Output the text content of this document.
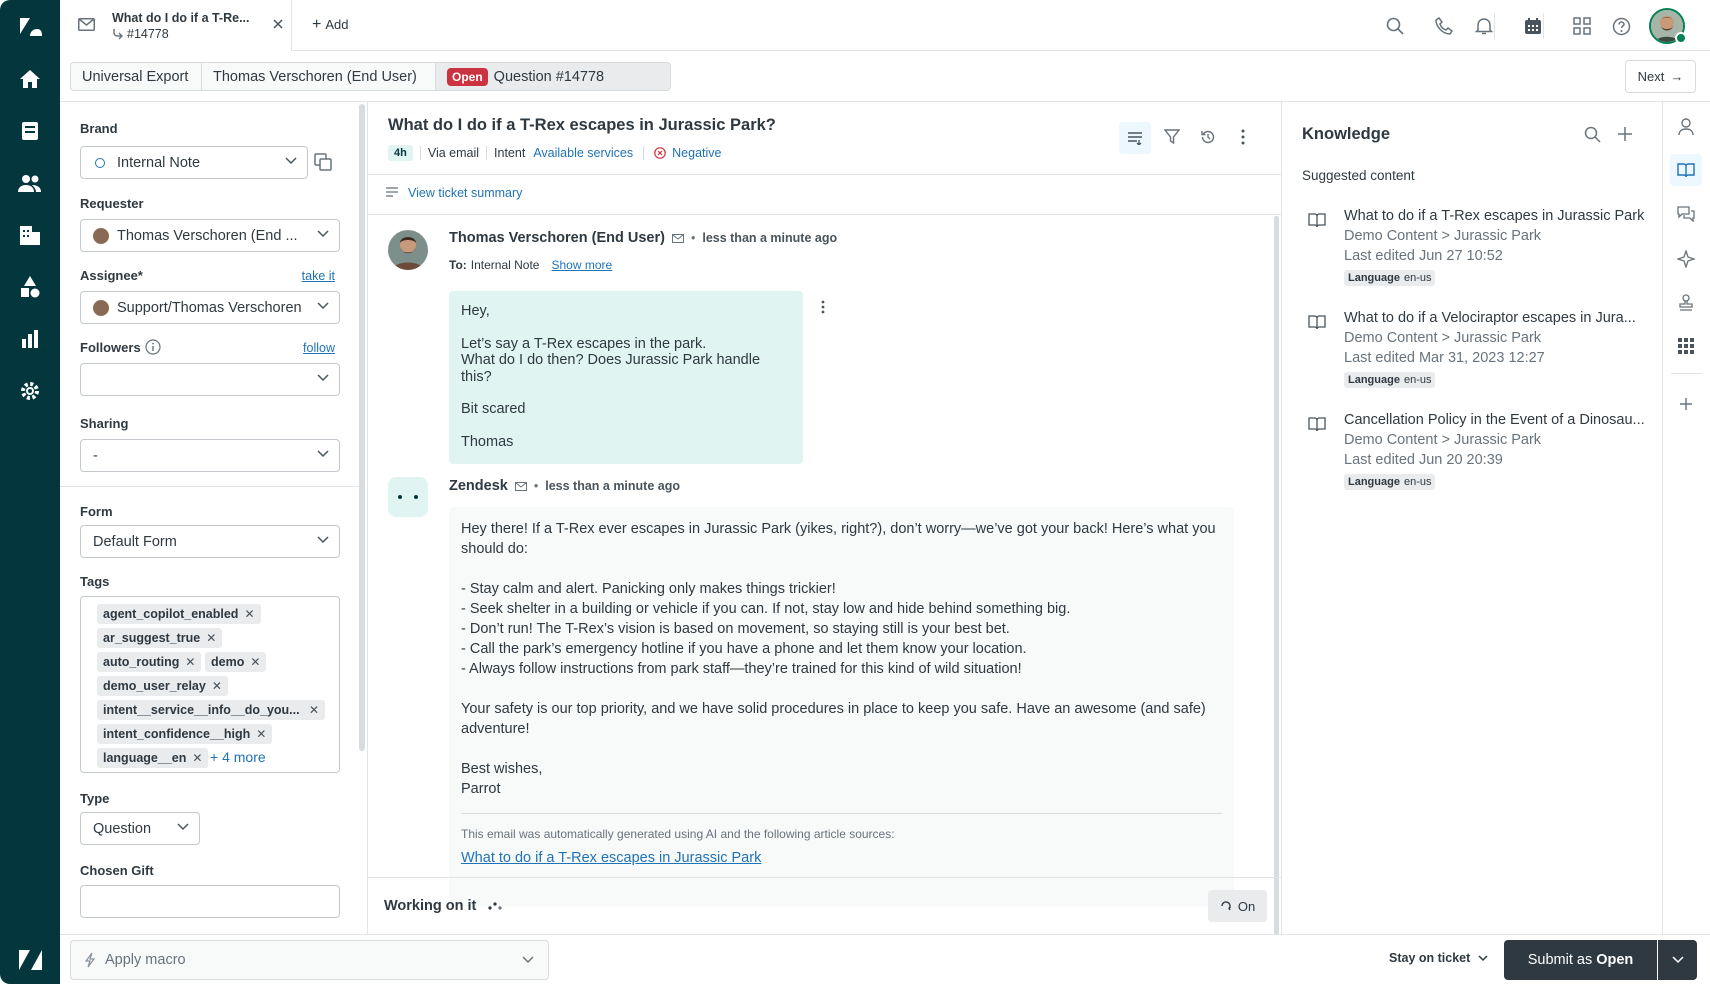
What do I do if a T-Re...
#14778
+ Add
Universal Export	Thomas Verschoren (End User)	Open Question #14778	Next →
Brand
Internal Note
Requester
Thomas Verschoren (End ...
Assignee*	take it
Support/Thomas Verschoren
Followers	follow
Sharing
-
Form
Default Form
Tags
agent_copilot_enabled ✕
ar_suggest_true ✕
auto_routing ✕ demo ✕
demo_user_relay ✕
intent__service__info__do_you... ✕
intent_confidence__high ✕
language__en ✕ + 4 more
Type
Question
Chosen Gift
What do I do if a T-Rex escapes in Jurassic Park?
4h	Via email Intent Available services	Negative
View ticket summary
Thomas Verschoren (End User) • less than a minute ago
To: Internal Note Show more
Hey,
Let’s say a T-Rex escapes in the park.
What do I do then? Does Jurassic Park handle this?
Bit scared
Thomas
Zendesk • less than a minute ago
Hey there! If a T-Rex ever escapes in Jurassic Park (yikes, right?), don’t worry—we’ve got your back! Here’s what you should do:
- Stay calm and alert. Panicking only makes things trickier!
- Seek shelter in a building or vehicle if you can. If not, stay low and hide behind something big.
- Don’t run! The T-Rex’s vision is based on movement, so staying still is your best bet.
- Call the park’s emergency hotline if you have a phone and let them know your location.
- Always follow instructions from park staff—they’re trained for this kind of wild situation!
Your safety is our top priority, and we have solid procedures in place to keep you safe. Have an awesome (and safe) adventure!
Best wishes,
Parrot
This email was automatically generated using AI and the following article sources:
What to do if a T-Rex escapes in Jurassic Park
Working on it	On
Knowledge
Suggested content
What to do if a T-Rex escapes in Jurassic Park
Demo Content > Jurassic Park
Last edited Jun 27 10:52
Language en-us
What to do if a Velociraptor escapes in Jura...
Demo Content > Jurassic Park
Last edited Mar 31, 2023 12:27
Language en-us
Cancellation Policy in the Event of a Dinosau...
Demo Content > Jurassic Park
Last edited Jun 20 20:39
Language en-us
Apply macro	Stay on ticket	Submit as Open
